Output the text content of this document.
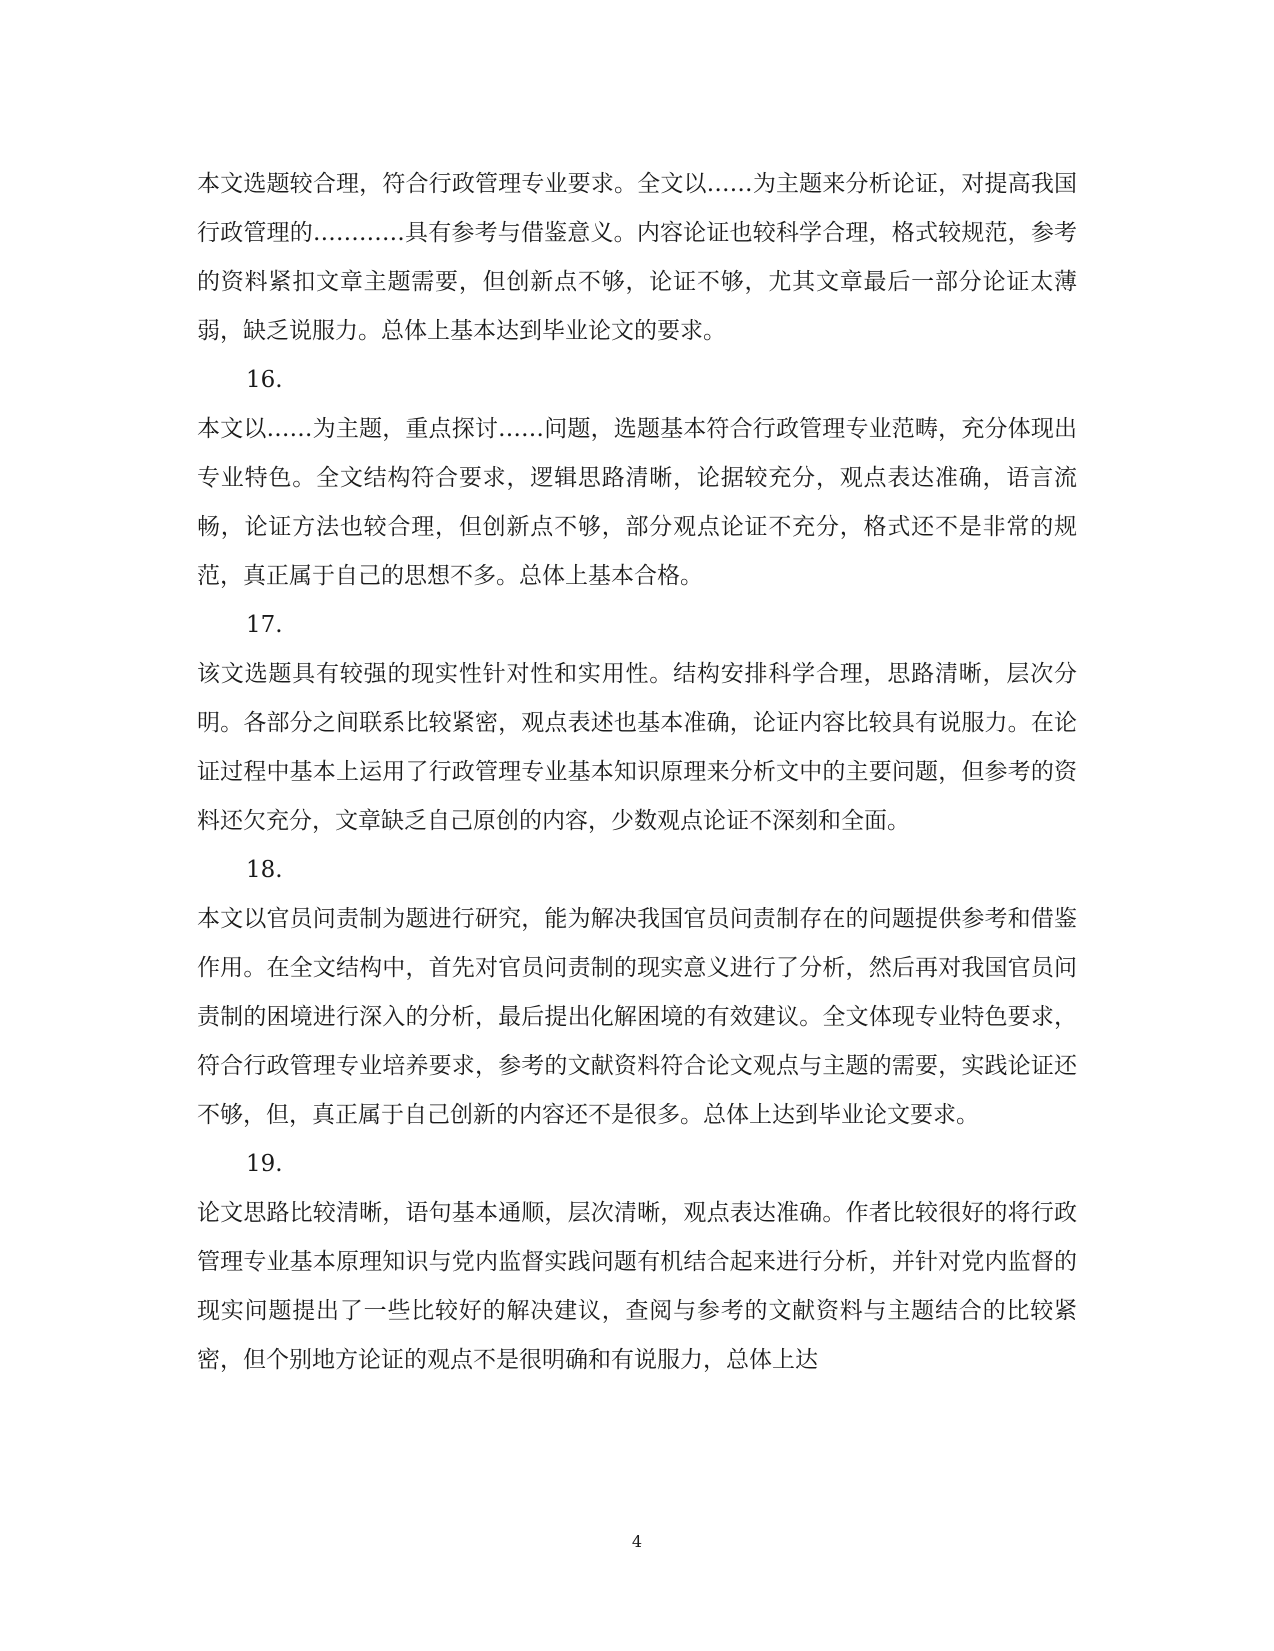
本文选题较合理，符合行政管理专业要求。全文以……为主题来分析论证，对提高我国行政管理的…………具有参考与借鉴意义。内容论证也较科学合理，格式较规范，参考的资料紧扣文章主题需要，但创新点不够，论证不够，尤其文章最后一部分论证太薄弱，缺乏说服力。总体上基本达到毕业论文的要求。

16.

本文以……为主题，重点探讨……问题，选题基本符合行政管理专业范畴，充分体现出专业特色。全文结构符合要求，逻辑思路清晰，论据较充分，观点表达准确，语言流畅，论证方法也较合理，但创新点不够，部分观点论证不充分，格式还不是非常的规范，真正属于自己的思想不多。总体上基本合格。

17.

该文选题具有较强的现实性针对性和实用性。结构安排科学合理，思路清晰，层次分明。各部分之间联系比较紧密，观点表述也基本准确，论证内容比较具有说服力。在论证过程中基本上运用了行政管理专业基本知识原理来分析文中的主要问题，但参考的资料还欠充分，文章缺乏自己原创的内容，少数观点论证不深刻和全面。

18.

本文以官员问责制为题进行研究，能为解决我国官员问责制存在的问题提供参考和借鉴作用。在全文结构中，首先对官员问责制的现实意义进行了分析，然后再对我国官员问责制的困境进行深入的分析，最后提出化解困境的有效建议。全文体现专业特色要求，符合行政管理专业培养要求，参考的文献资料符合论文观点与主题的需要，实践论证还不够，但，真正属于自己创新的内容还不是很多。总体上达到毕业论文要求。

19.

论文思路比较清晰，语句基本通顺，层次清晰，观点表达准确。作者比较很好的将行政管理专业基本原理知识与党内监督实践问题有机结合起来进行分析，并针对党内监督的现实问题提出了一些比较好的解决建议，查阅与参考的文献资料与主题结合的比较紧密，但个别地方论证的观点不是很明确和有说服力，总体上达

4
